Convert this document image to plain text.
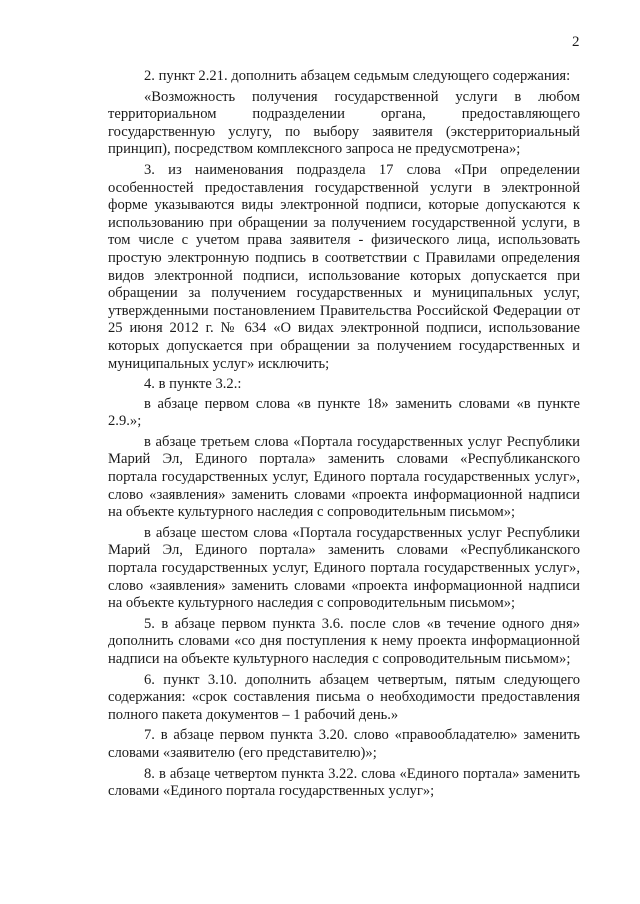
2

2. пункт 2.21. дополнить абзацем седьмым следующего содержания:

«Возможность получения государственной услуги в любом территориальном подразделении органа, предоставляющего государственную услугу, по выбору заявителя (экстерриториальный принцип), посредством комплексного запроса не предусмотрена»;

3. из наименования подраздела 17 слова «При определении особенностей предоставления государственной услуги в электронной форме указываются виды электронной подписи, которые допускаются к использованию при обращении за получением государственной услуги, в том числе с учетом права заявителя - физического лица, использовать простую электронную подпись в соответствии с Правилами определения видов электронной подписи, использование которых допускается при обращении за получением государственных и муниципальных услуг, утвержденными постановлением Правительства Российской Федерации от 25 июня 2012 г. № 634 «О видах электронной подписи, использование которых допускается при обращении за получением государственных и муниципальных услуг» исключить;

4. в пункте 3.2.:

в абзаце первом слова «в пункте 18» заменить словами «в пункте 2.9.»;

в абзаце третьем слова «Портала государственных услуг Республики Марий Эл, Единого портала» заменить словами «Республиканского портала государственных услуг, Единого портала государственных услуг», слово «заявления» заменить словами «проекта информационной надписи на объекте культурного наследия с сопроводительным письмом»;

в абзаце шестом слова «Портала государственных услуг Республики Марий Эл, Единого портала» заменить словами «Республиканского портала государственных услуг, Единого портала государственных услуг», слово «заявления» заменить словами «проекта информационной надписи на объекте культурного наследия с сопроводительным письмом»;

5. в абзаце первом пункта 3.6. после слов «в течение одного дня» дополнить словами «со дня поступления к нему проекта информационной надписи на объекте культурного наследия с сопроводительным письмом»;

6. пункт 3.10. дополнить абзацем четвертым, пятым следующего содержания: «срок составления письма о необходимости предоставления полного пакета документов – 1 рабочий день.»

7. в абзаце первом пункта 3.20. слово «правообладателю» заменить словами «заявителю (его представителю)»;

8. в абзаце четвертом пункта 3.22. слова «Единого портала» заменить словами «Единого портала государственных услуг»;
